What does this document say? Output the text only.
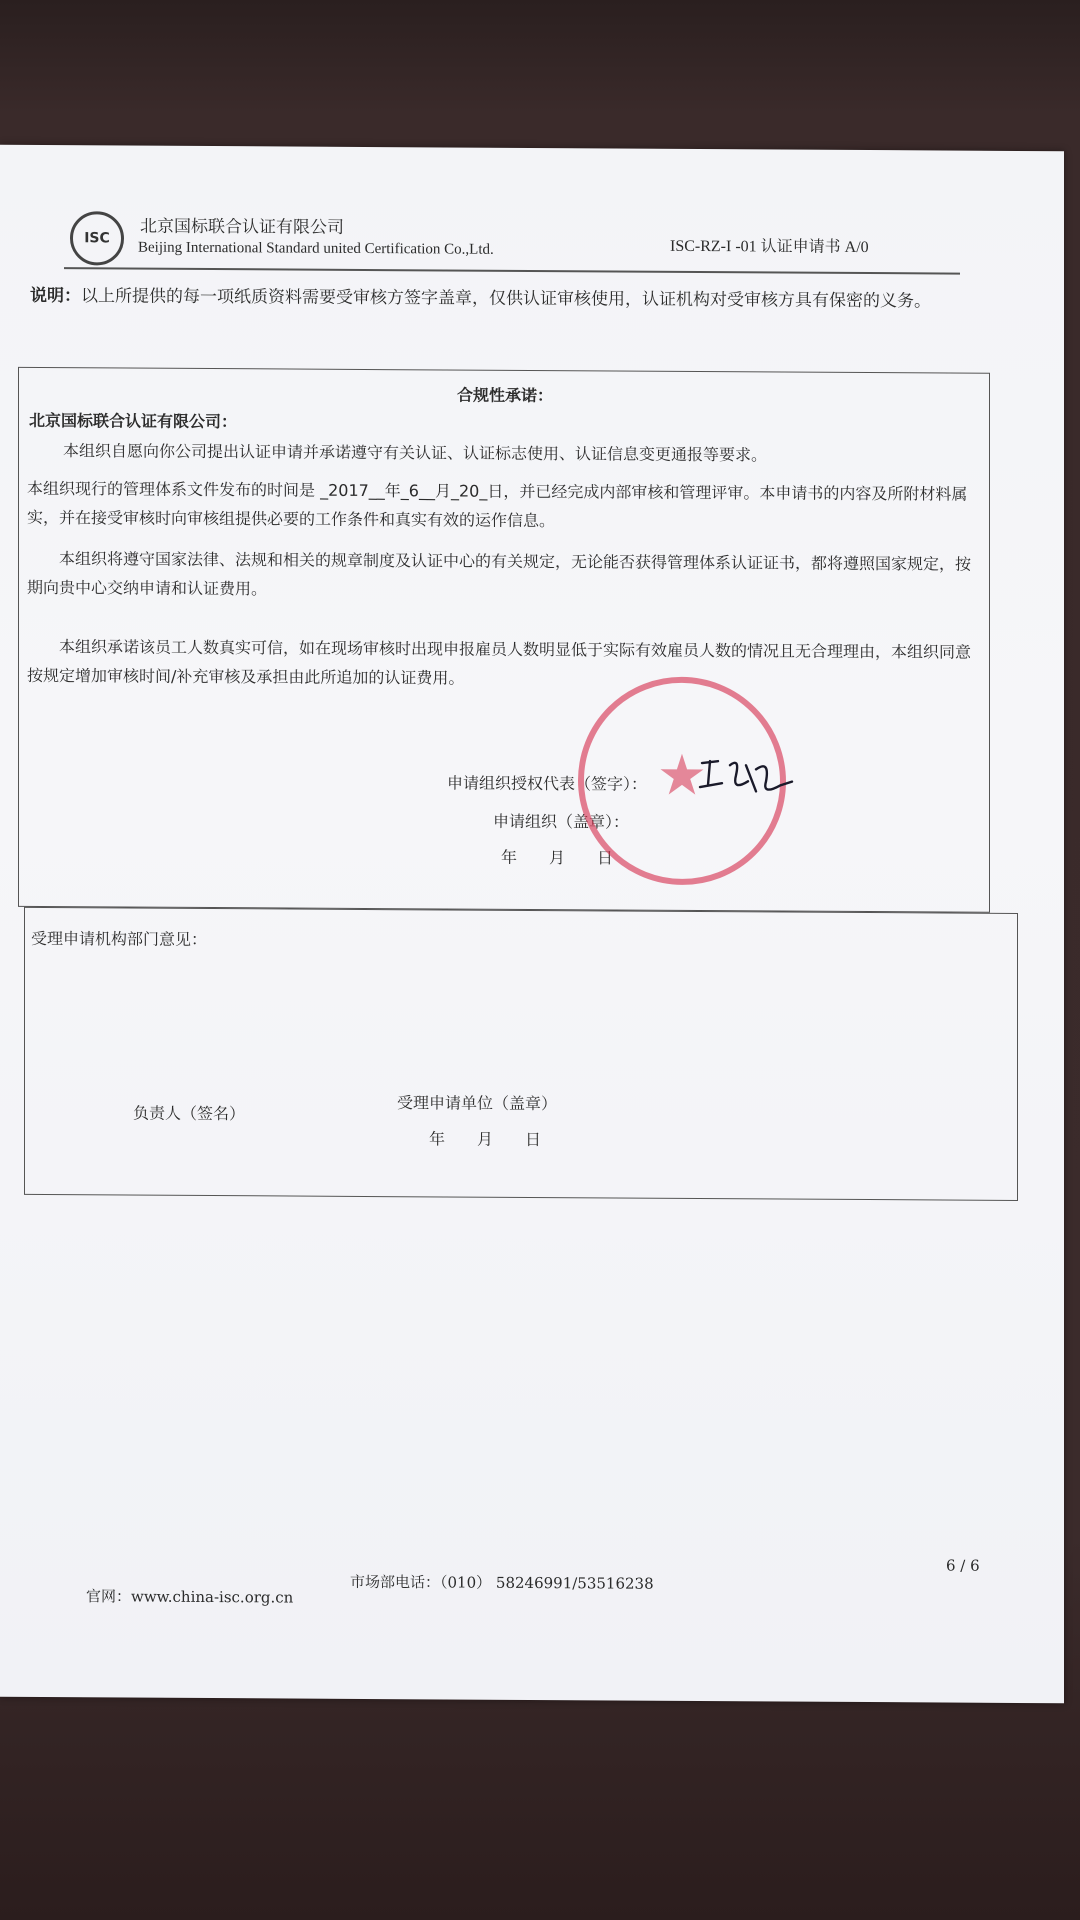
ISC
北京国标联合认证有限公司
Beijing International Standard united Certification Co.,Ltd.	ISC-RZ-I -01 认证申请书 A/0
说明：以上所提供的每一项纸质资料需要受审核方签字盖章，仅供认证审核使用，认证机构对受审核方具有保密的义务。
合规性承诺：
北京国标联合认证有限公司：
本组织自愿向你公司提出认证申请并承诺遵守有关认证、认证标志使用、认证信息变更通报等要求。
本组织现行的管理体系文件发布的时间是 _2017__年_6__月_20_日，并已经完成内部审核和管理评审。本申请书的内容及所附材料属实，并在接受审核时向审核组提供必要的工作条件和真实有效的运作信息。
本组织将遵守国家法律、法规和相关的规章制度及认证中心的有关规定，无论能否获得管理体系认证证书，都将遵照国家规定，按期向贵中心交纳申请和认证费用。
本组织承诺该员工人数真实可信，如在现场审核时出现申报雇员人数明显低于实际有效雇员人数的情况且无合理理由，本组织同意按规定增加审核时间/补充审核及承担由此所追加的认证费用。
申请组织授权代表（签字）：
申请组织（盖章）：
年　　月　　日
★
受理申请机构部门意见：
负责人（签名）
受理申请单位（盖章）
年　　月　　日
官网：www.china-isc.org.cn
市场部电话：（010） 58246991/53516238
6 / 6
